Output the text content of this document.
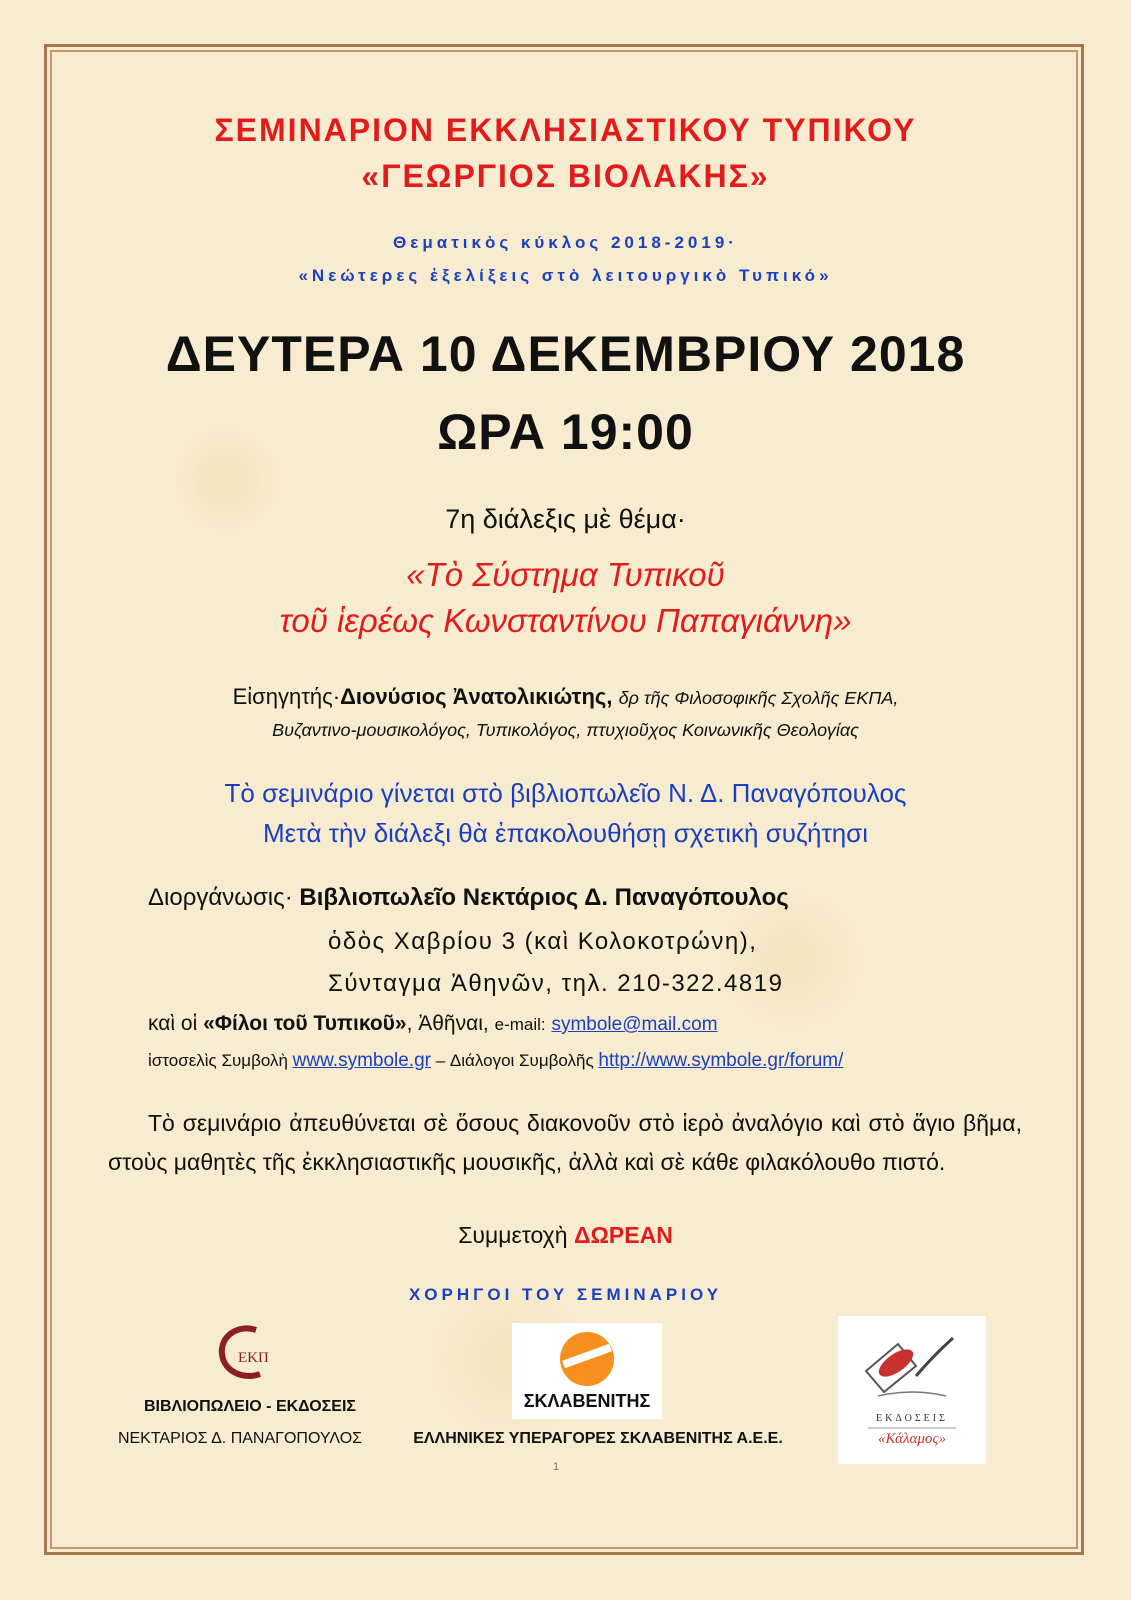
ΣΕΜΙΝΑΡΙΟΝ ΕΚΚΛΗΣΙΑΣΤΙΚΟΥ ΤΥΠΙΚΟΥ
«ΓΕΩΡΓΙΟΣ ΒΙΟΛΑΚΗΣ»
Θεματικὸς κύκλος 2018-2019·
«Νεώτερες ἐξελίξεις στὸ λειτουργικὸ Τυπικό»
ΔΕΥΤΕΡΑ 10 ΔΕΚΕΜΒΡΙΟΥ 2018
ΩΡΑ 19:00
7η διάλεξις μὲ θέμα·
«Τὸ Σύστημα Τυπικοῦ
τοῦ ἱερέως Κωνσταντίνου Παπαγιάννη»
Εἰσηγητής·Διονύσιος Ἀνατολικιώτης, δρ τῆς Φιλοσοφικῆς Σχολῆς ΕΚΠΑ,
Βυζαντινο-μουσικολόγος, Τυπικολόγος, πτυχιοῦχος Κοινωνικῆς Θεολογίας
Τὸ σεμινάριο γίνεται στὸ βιβλιοπωλεῖο Ν. Δ. Παναγόπουλος
Μετὰ τὴν διάλεξι θὰ ἐπακολουθήσῃ σχετικὴ συζήτησι
Διοργάνωσις· Βιβλιοπωλεῖο Νεκτάριος Δ. Παναγόπουλος
ὁδὸς Χαβρίου 3 (καὶ Κολοκοτρώνη),
Σύνταγμα Ἀθηνῶν, τηλ. 210-322.4819
καὶ οἱ «Φίλοι τοῦ Τυπικοῦ», Ἀθῆναι, e-mail: symbole@mail.com
ἱστοσελὶς Συμβολὴ www.symbole.gr – Διάλογοι Συμβολῆς http://www.symbole.gr/forum/
Τὸ σεμινάριο ἀπευθύνεται σὲ ὅσους διακονοῦν στὸ ἱερὸ ἀναλόγιο καὶ στὸ ἅγιο βῆμα, στοὺς μαθητὲς τῆς ἐκκλησιαστικῆς μουσικῆς, ἀλλὰ καὶ σὲ κάθε φιλακόλουθο πιστό.
Συμμετοχὴ ΔΩΡΕΑΝ
ΧΟΡΗΓΟΙ ΤΟΥ ΣΕΜΙΝΑΡΙΟΥ
ΕΚΠ
ΒΙΒΛΙΟΠΩΛΕΙΟ - ΕΚΔΟΣΕΙΣ
ΝΕΚΤΑΡΙΟΣ Δ. ΠΑΝΑΓΟΠΟΥΛΟΣ
ΣΚΛΑΒΕΝΙΤΗΣ
ΕΛΛΗΝΙΚΕΣ ΥΠΕΡΑΓΟΡΕΣ ΣΚΛΑΒΕΝΙΤΗΣ Α.Ε.Ε.
ΕΚΔΟΣΕΙΣ
«Κάλαμος»
1
